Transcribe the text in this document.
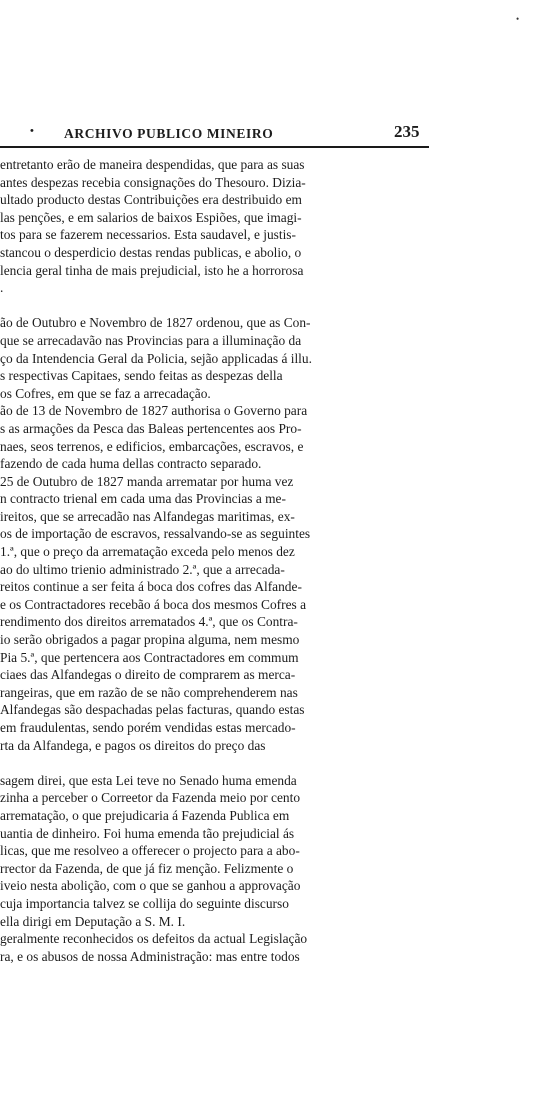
•
• ARCHIVO PUBLICO MINEIRO	235
entretanto erão de maneira despendidas, que para as suas
antes despezas recebia consignações do Thesouro. Dizia-
ultado producto destas Contribuições era destribuido em
las penções, e em salarios de baixos Espiões, que imagi-
tos para se fazerem necessarios. Esta saudavel, e justis-
stancou o desperdicio destas rendas publicas, e abolio, o
lencia geral tinha de mais prejudicial, isto he a horrorosa
.
ão de Outubro e Novembro de 1827 ordenou, que as Con-
que se arrecadavão nas Provincias para a illuminação da
ço da Intendencia Geral da Policia, sejão applicadas á illu.
s respectivas Capitaes, sendo feitas as despezas della
os Cofres, em que se faz a arrecadação.
ão de 13 de Novembro de 1827 authorisa o Governo para
s as armações da Pesca das Baleas pertencentes aos Pro-
naes, seos terrenos, e edificios, embarcações, escravos, e
fazendo de cada huma dellas contracto separado.
25 de Outubro de 1827 manda arrematar por huma vez
n contracto trienal em cada uma das Provincias a me-
ireitos, que se arrecadão nas Alfandegas maritimas, ex-
os de importação de escravos, ressalvando-se as seguintes
1.ª, que o preço da arrematação exceda pelo menos dez
ao do ultimo trienio administrado 2.ª, que a arrecada-
reitos continue a ser feita á boca dos cofres das Alfande-
e os Contractadores recebão á boca dos mesmos Cofres a
rendimento dos direitos arrematados 4.ª, que os Contra-
io serão obrigados a pagar propina alguma, nem mesmo
Pia 5.ª, que pertencera aos Contractadores em commum
ciaes das Alfandegas o direito de comprarem as merca-
rangeiras, que em razão de se não comprehenderem nas
Alfandegas são despachadas pelas facturas, quando estas
em fraudulentas, sendo porém vendidas estas mercado-
rta da Alfandega, e pagos os direitos do preço das
sagem direi, que esta Lei teve no Senado huma emenda
zinha a perceber o Correetor da Fazenda meio por cento
arrematação, o que prejudicaria á Fazenda Publica em
uantia de dinheiro. Foi huma emenda tão prejudicial ás
licas, que me resolveo a offerecer o projecto para a abo-
rrector da Fazenda, de que já fiz menção. Felizmente o
iveio nesta abolição, com o que se ganhou a approvação
cuja importancia talvez se collija do seguinte discurso
ella dirigi em Deputação a S. M. I.
geralmente reconhecidos os defeitos da actual Legislação
ra, e os abusos de nossa Administração: mas entre todos
